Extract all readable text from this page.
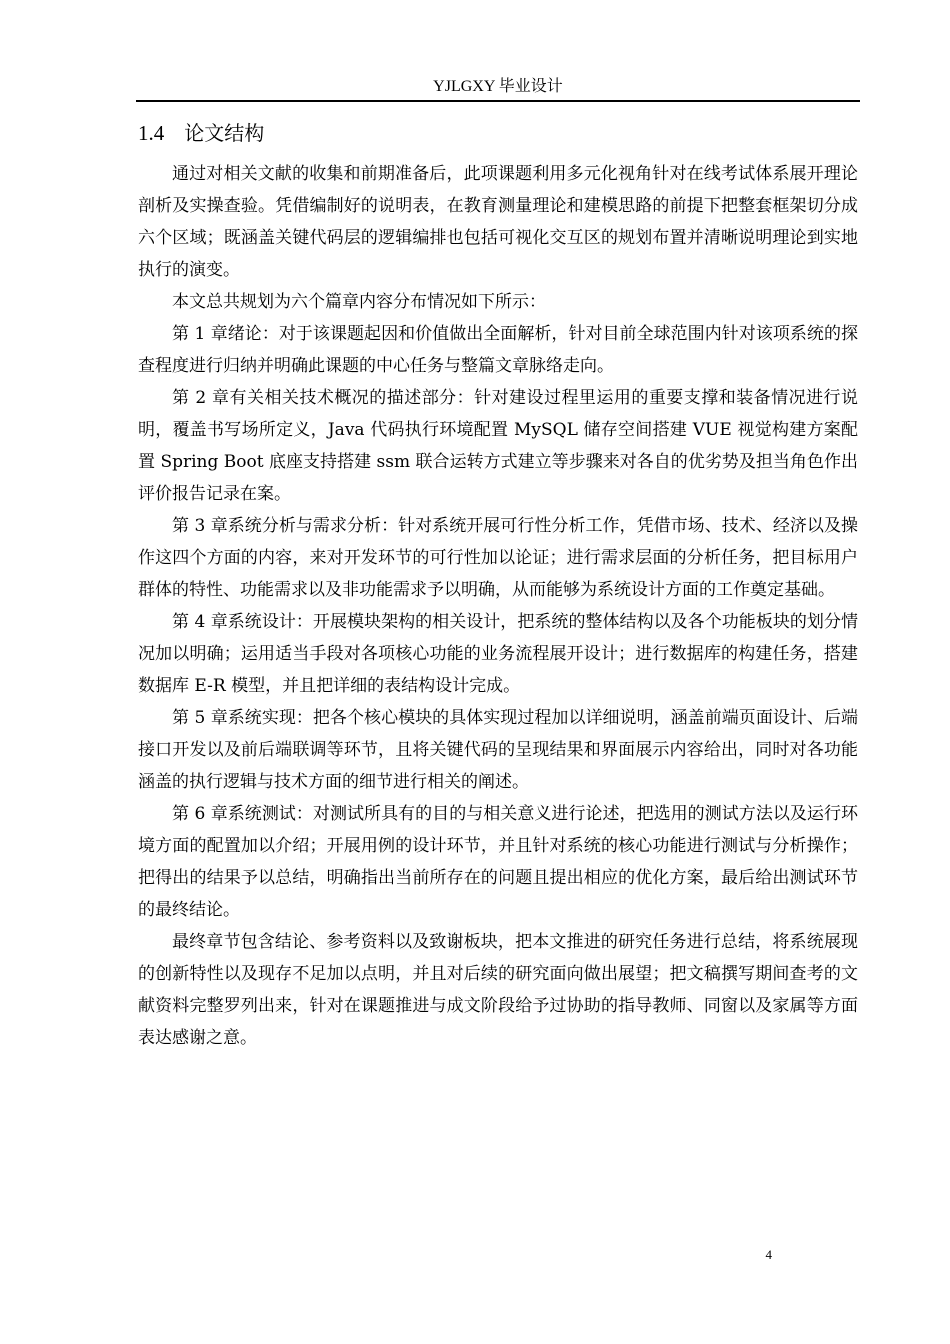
YJLGXY 毕业设计
1.4 论文结构

通过对相关文献的收集和前期准备后，此项课题利用多元化视角针对在线考试体系展开理论剖析及实操查验。凭借编制好的说明表，在教育测量理论和建模思路的前提下把整套框架切分成六个区域；既涵盖关键代码层的逻辑编排也包括可视化交互区的规划布置并清晰说明理论到实地执行的演变。

本文总共规划为六个篇章内容分布情况如下所示：

第 1 章绪论：对于该课题起因和价值做出全面解析，针对目前全球范围内针对该项系统的探查程度进行归纳并明确此课题的中心任务与整篇文章脉络走向。

第 2 章有关相关技术概况的描述部分：针对建设过程里运用的重要支撑和装备情况进行说明，覆盖书写场所定义，Java 代码执行环境配置 MySQL 储存空间搭建 VUE 视觉构建方案配置 Spring Boot 底座支持搭建 ssm 联合运转方式建立等步骤来对各自的优劣势及担当角色作出评价报告记录在案。

第 3 章系统分析与需求分析：针对系统开展可行性分析工作，凭借市场、技术、经济以及操作这四个方面的内容，来对开发环节的可行性加以论证；进行需求层面的分析任务，把目标用户群体的特性、功能需求以及非功能需求予以明确，从而能够为系统设计方面的工作奠定基础。

第 4 章系统设计：开展模块架构的相关设计，把系统的整体结构以及各个功能板块的划分情况加以明确；运用适当手段对各项核心功能的业务流程展开设计；进行数据库的构建任务，搭建数据库 E-R 模型，并且把详细的表结构设计完成。

第 5 章系统实现：把各个核心模块的具体实现过程加以详细说明，涵盖前端页面设计、后端接口开发以及前后端联调等环节，且将关键代码的呈现结果和界面展示内容给出，同时对各功能涵盖的执行逻辑与技术方面的细节进行相关的阐述。

第 6 章系统测试：对测试所具有的目的与相关意义进行论述，把选用的测试方法以及运行环境方面的配置加以介绍；开展用例的设计环节，并且针对系统的核心功能进行测试与分析操作；把得出的结果予以总结，明确指出当前所存在的问题且提出相应的优化方案，最后给出测试环节的最终结论。

最终章节包含结论、参考资料以及致谢板块，把本文推进的研究任务进行总结，将系统展现的创新特性以及现存不足加以点明，并且对后续的研究面向做出展望；把文稿撰写期间查考的文献资料完整罗列出来，针对在课题推进与成文阶段给予过协助的指导教师、同窗以及家属等方面表达感谢之意。

4
